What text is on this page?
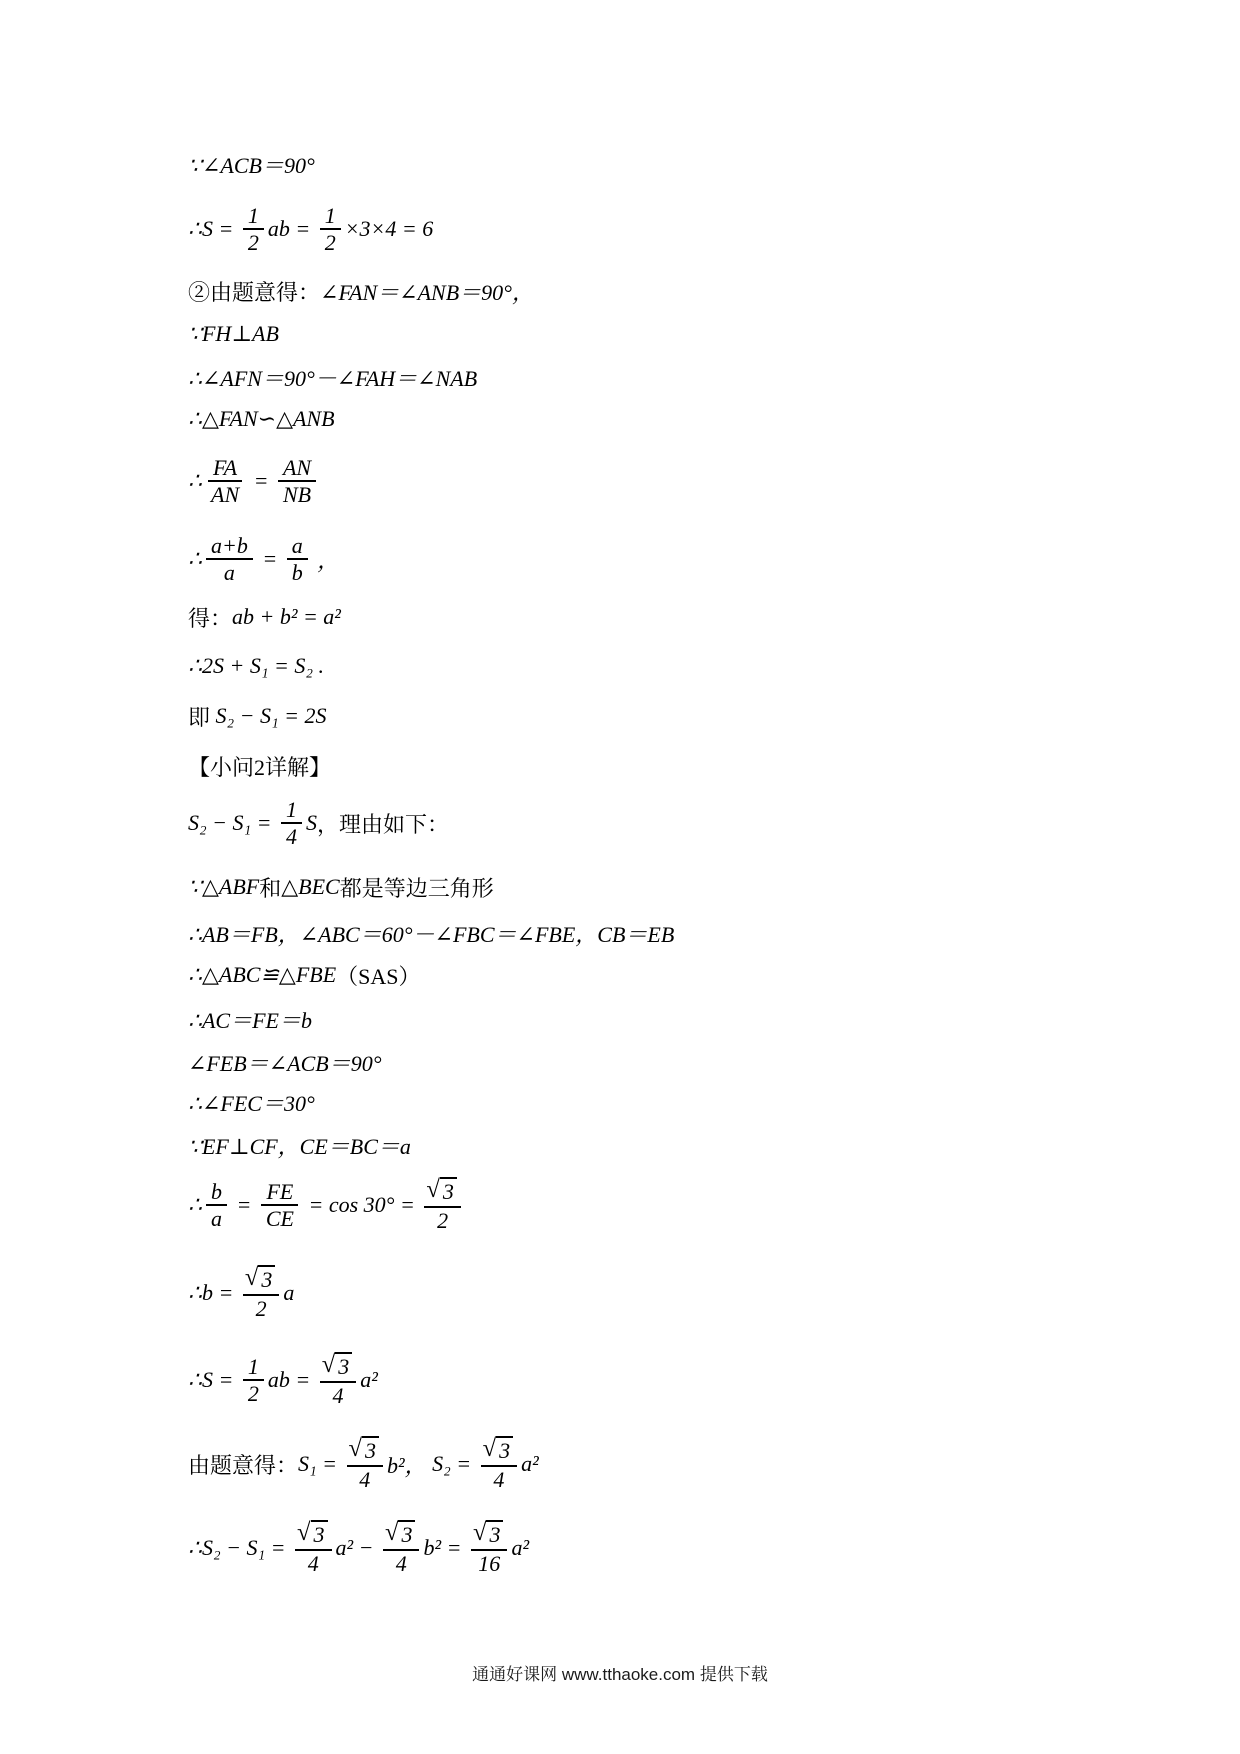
∵∠ACB＝90°
∴S = $\frac{1}{2}$ ab = $\frac{1}{2} \times 3\times 4 = 6$
②由题意得： ∠FAN＝∠ANB＝90°，
∵FH⊥AB
∴∠AFN＝90°－∠FAH＝∠NAB
∴△FAN∽△ANB
∴ $\frac{FA}{AN} = \frac{AN}{NB}$
∴ $\frac{a+b}{a} = \frac{a}{b}$ ，
得： ab + b² = a²
∴2S + S₁ = S₂ .
即 S₂ − S₁ = 2S
【小问2详解】
$S_2 - S_1 = \frac{1}{4}$ S ，理由如下：
∵△ABF 和 △BEC 都是等边三角形
∴AB＝FB，∠ABC＝60°－∠FBC＝∠FBE，CB＝EB
∴△ABC≌△FBE （SAS）
∴AC＝FE＝b
∠FEB＝∠ACB＝90°
∴∠FEC＝30°
∵EF⊥CF，CE＝BC＝a
∴ $\frac{b}{a} = \frac{FE}{CE} = \cos 30^\circ = \frac{√ 3}{2}$
∴b = $\frac{√ 3}{2}$ a
∴S = $\frac{1}{2}$ ab = $\frac{√ 3}{4} a^2$
由题意得： $S_1 = \frac{√ 3}{4} b^2$， $S_2 = \frac{√ 3}{4} a^2$
∴S₂ − $S_1 = \frac{√ 3}{4} a^2 - \frac{√ 3}{4} b^2 = \frac{√ 3}{16} a^2$
通通好课网 www.tthaoke.com 提供下载
